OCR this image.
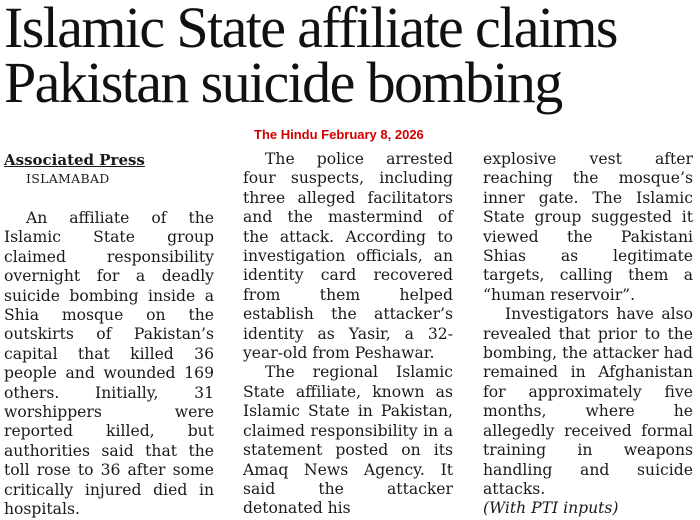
Islamic State affiliate claims
Pakistan suicide bombing
The Hindu February 8, 2026

Associated Press

ISLAMABAD

An affiliate of the Islamic State group claimed responsibility overnight for a deadly suicide bombing inside a Shia mosque on the outskirts of Pakistan’s capital that killed 36 people and wounded 169 others. Initially, 31 worshippers were reported killed, but authorities said that the toll rose to 36 after some critically injured died in hospitals.

The police arrested four suspects, including three alleged facilitators and the mastermind of the attack. According to investigation officials, an identity card recovered from them helped establish the attacker’s identity as Yasir, a 32-year-old from Peshawar.

The regional Islamic State affiliate, known as Islamic State in Pakistan, claimed responsibility in a statement posted on its Amaq News Agency. It said the attacker detonated his

explosive vest after reaching the mosque’s inner gate. The Islamic State group suggested it viewed the Pakistani Shias as legitimate targets, calling them a “human reservoir”.

Investigators have also revealed that prior to the bombing, the attacker had remained in Afghanistan for approximately five months, where he allegedly received formal training in weapons handling and suicide attacks.

(With PTI inputs)
